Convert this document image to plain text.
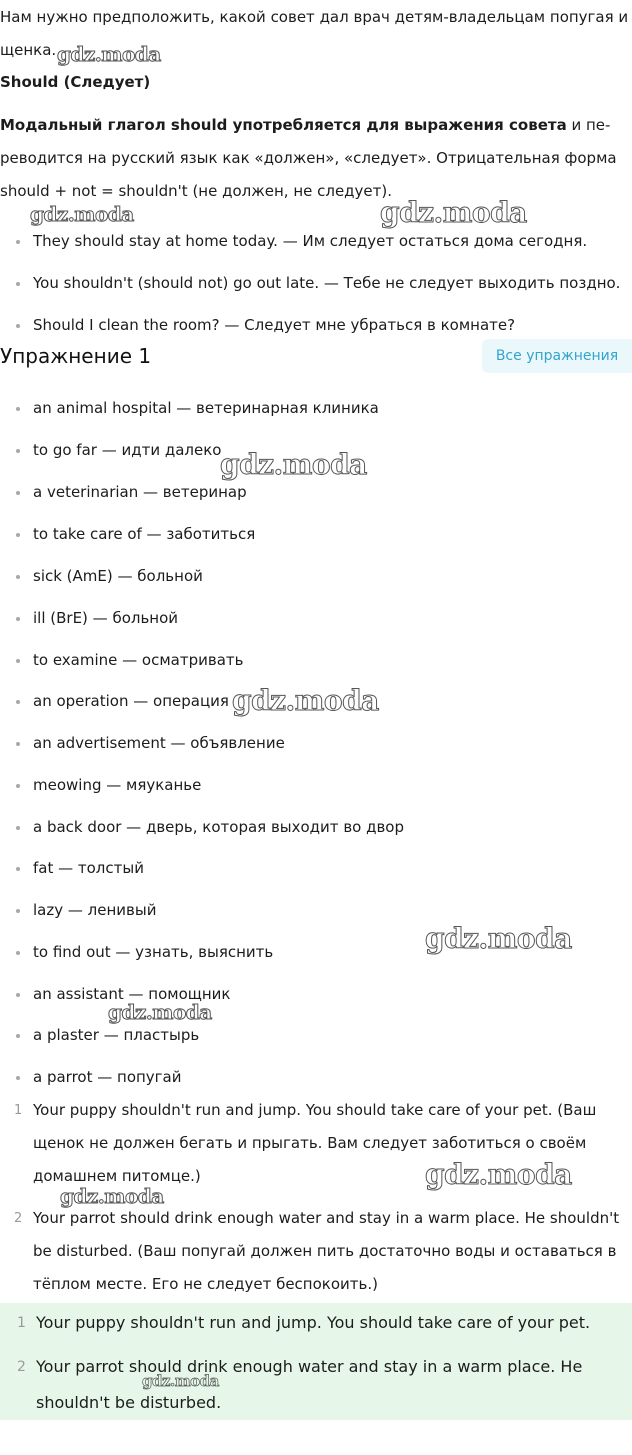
Нам нужно предположить, какой совет дал врач детям-владельцам попугая и
щенка.
Should (Следует)
Модальный глагол should употребляется для выражения совета и пе-
реводится на русский язык как «должен», «следует». Отрицательная форма
should + not = shouldn't (не должен, не следует).
They should stay at home today. — Им следует остаться дома сегодня.
You shouldn't (should not) go out late. — Тебе не следует выходить поздно.
Should I clean the room? — Следует мне убраться в комнате?
Упражнение 1	Все упражнения
an animal hospital — ветеринарная клиника
to go far — идти далеко
a veterinarian — ветеринар
to take care of — заботиться
sick (AmE) — больной
ill (BrE) — больной
to examine — осматривать
an operation — операция
an advertisement — объявление
meowing — мяуканье
a back door — дверь, которая выходит во двор
fat — толстый
lazy — ленивый
to find out — узнать, выяснить
an assistant — помощник
a plaster — пластырь
a parrot — попугай
1 Your puppy shouldn't run and jump. You should take care of your pet. (Ваш
щенок не должен бегать и прыгать. Вам следует заботиться о своём
домашнем питомце.)
2 Your parrot should drink enough water and stay in a warm place. He shouldn't
be disturbed. (Ваш попугай должен пить достаточно воды и оставаться в
тёплом месте. Его не следует беспокоить.)
1 Your puppy shouldn't run and jump. You should take care of your pet.
2 Your parrot should drink enough water and stay in a warm place. He
shouldn't be disturbed.
gdz.moda
gdz.moda	gdz.moda
gdz.moda
gdz.moda
gdz.moda
gdz.moda
gdz.moda
gdz.moda
gdz.moda
